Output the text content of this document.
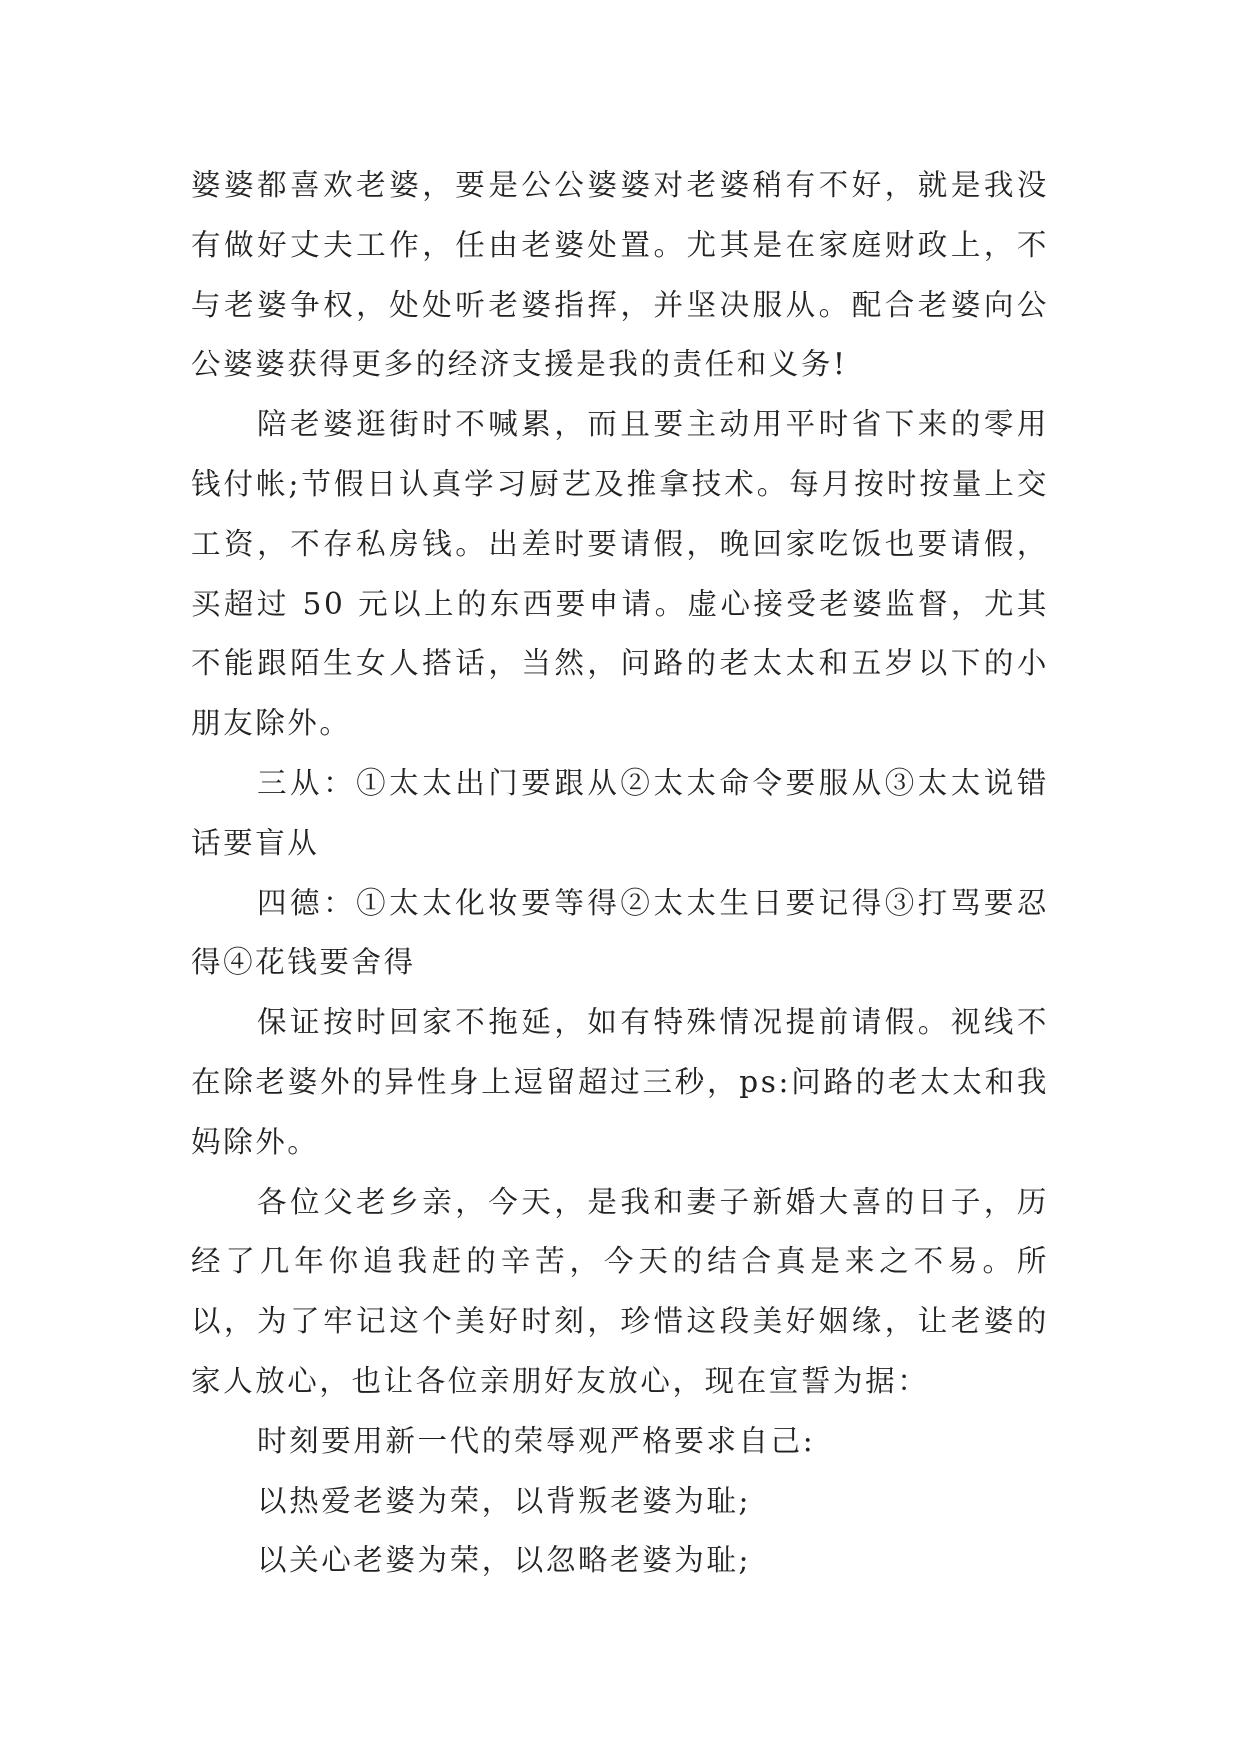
婆婆都喜欢老婆，要是公公婆婆对老婆稍有不好，就是我没有做好丈夫工作，任由老婆处置。尤其是在家庭财政上，不与老婆争权，处处听老婆指挥，并坚决服从。配合老婆向公公婆婆获得更多的经济支援是我的责任和义务!

陪老婆逛街时不喊累，而且要主动用平时省下来的零用钱付帐;节假日认真学习厨艺及推拿技术。每月按时按量上交工资，不存私房钱。出差时要请假，晚回家吃饭也要请假，买超过 50 元以上的东西要申请。虚心接受老婆监督，尤其不能跟陌生女人搭话，当然，问路的老太太和五岁以下的小朋友除外。

三从：①太太出门要跟从②太太命令要服从③太太说错话要盲从

四德：①太太化妆要等得②太太生日要记得③打骂要忍得④花钱要舍得

保证按时回家不拖延，如有特殊情况提前请假。视线不在除老婆外的异性身上逗留超过三秒，ps:问路的老太太和我妈除外。

各位父老乡亲，今天，是我和妻子新婚大喜的日子，历经了几年你追我赶的辛苦，今天的结合真是来之不易。所以，为了牢记这个美好时刻，珍惜这段美好姻缘，让老婆的家人放心，也让各位亲朋好友放心，现在宣誓为据：

时刻要用新一代的荣辱观严格要求自己:

以热爱老婆为荣，以背叛老婆为耻;

以关心老婆为荣，以忽略老婆为耻;
